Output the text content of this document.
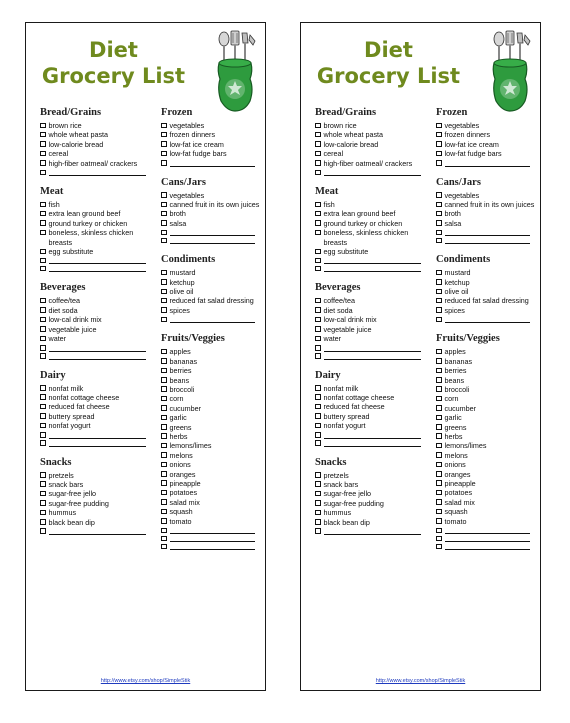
Diet
Grocery List
Bread/Grains
brown rice
whole wheat pasta
low-calorie bread
cereal
high-fiber oatmeal/ crackers
Meat
fish
extra lean ground beef
ground turkey or chicken
boneless, skinless chicken breasts
egg substitute
Beverages
coffee/tea
diet soda
low-cal drink mix
vegetable juice
water
Dairy
nonfat milk
nonfat cottage cheese
reduced fat cheese
buttery spread
nonfat yogurt
Snacks
pretzels
snack bars
sugar-free jello
sugar-free pudding
hummus
black bean dip
Frozen
vegetables
frozen dinners
low-fat ice cream
low-fat fudge bars
Cans/Jars
vegetables
canned fruit in its own juices
broth
salsa
Condiments
mustard
ketchup
olive oil
reduced fat salad dressing
spices
Fruits/Veggies
apples
bananas
berries
beans
broccoli
corn
cucumber
garlic
greens
herbs
lemons/limes
melons
onions
oranges
pineapple
potatoes
salad mix
squash
tomato
http://www.etsy.com/shop/SimpleStik
Diet
Grocery List
Bread/Grains
brown rice
whole wheat pasta
low-calorie bread
cereal
high-fiber oatmeal/ crackers
Meat
fish
extra lean ground beef
ground turkey or chicken
boneless, skinless chicken breasts
egg substitute
Beverages
coffee/tea
diet soda
low-cal drink mix
vegetable juice
water
Dairy
nonfat milk
nonfat cottage cheese
reduced fat cheese
buttery spread
nonfat yogurt
Snacks
pretzels
snack bars
sugar-free jello
sugar-free pudding
hummus
black bean dip
Frozen
vegetables
frozen dinners
low-fat ice cream
low-fat fudge bars
Cans/Jars
vegetables
canned fruit in its own juices
broth
salsa
Condiments
mustard
ketchup
olive oil
reduced fat salad dressing
spices
Fruits/Veggies
apples
bananas
berries
beans
broccoli
corn
cucumber
garlic
greens
herbs
lemons/limes
melons
onions
oranges
pineapple
potatoes
salad mix
squash
tomato
http://www.etsy.com/shop/SimpleStik
